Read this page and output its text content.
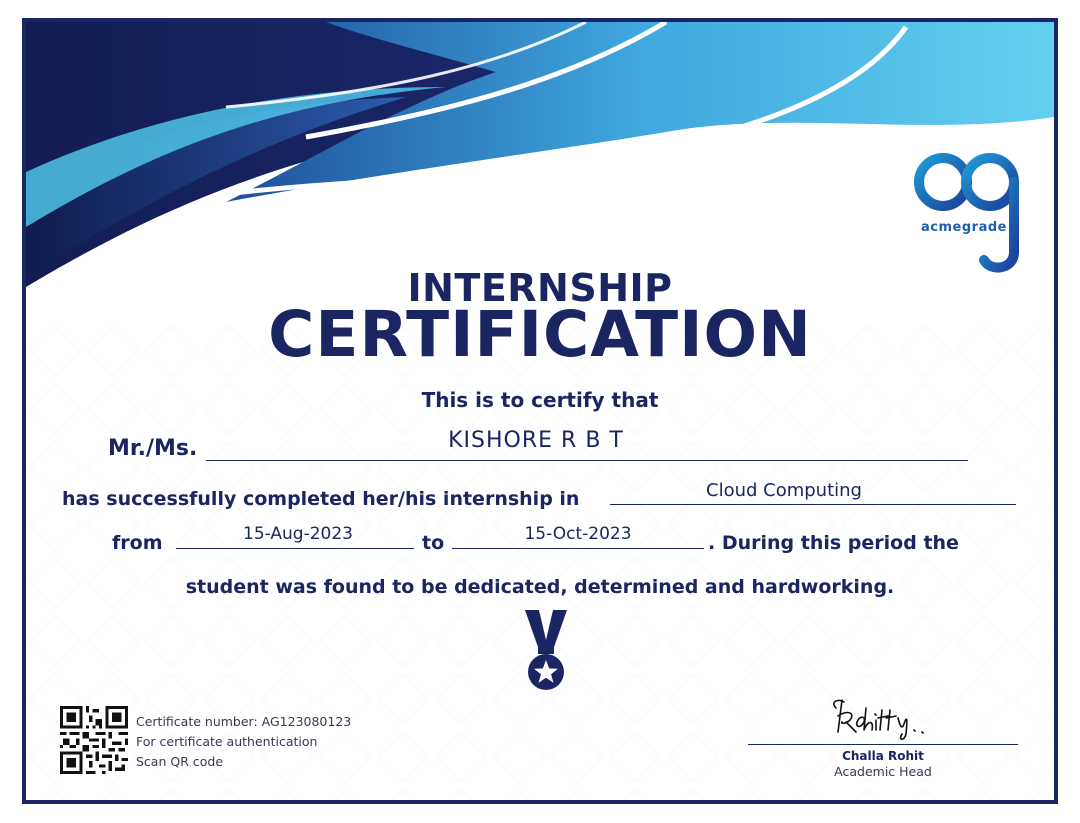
acmegrade
INTERNSHIP
CERTIFICATION
This is to certify that
Mr./Ms.	KISHORE R B T
has successfully completed her/his internship in	Cloud Computing
from	15-Aug-2023	to	15-Oct-2023	. During this period the
student was found to be dedicated, determined and hardworking.
Certificate number: AG123080123
For certificate authentication
Scan QR code	Challa Rohit
Academic Head
